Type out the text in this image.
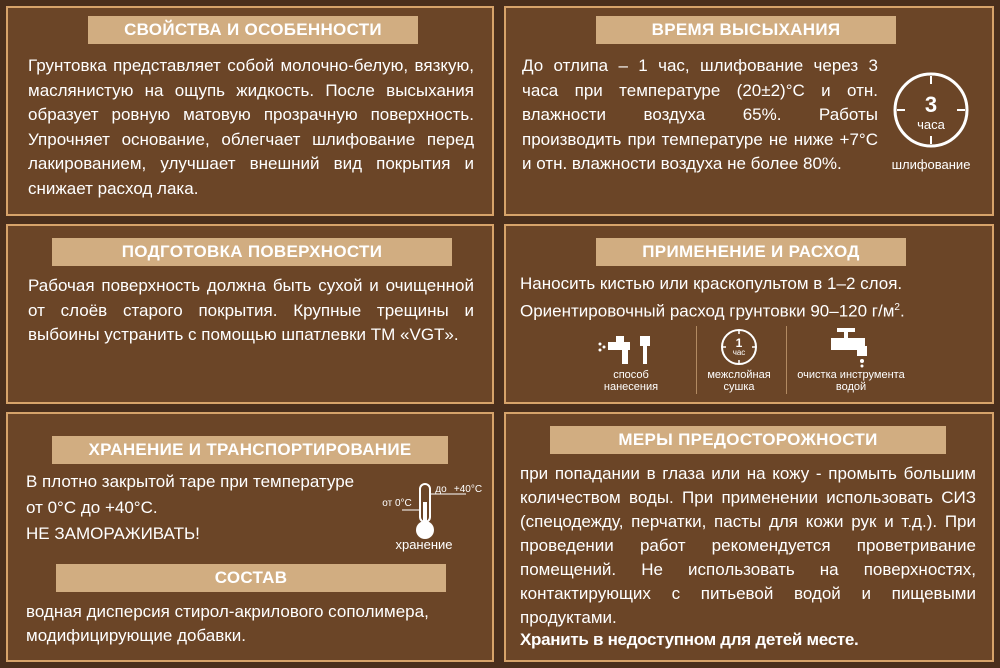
СВОЙСТВА И ОСОБЕННОСТИ
Грунтовка представляет собой молочно-белую, вязкую, маслянистую на ощупь жидкость. После высыхания образует ровную матовую прозрачную поверхность. Упрочняет основание, облегчает шлифование перед лакированием, улучшает внешний вид покрытия и снижает расход лака.
ВРЕМЯ ВЫСЫХАНИЯ
До отлипа – 1 час, шлифование через 3 часа при температуре (20±2)°С и отн. влажности воздуха 65%. Работы производить при температуре не ниже +7°С и отн. влажности воздуха не более 80%.
3
часа
шлифование
ПОДГОТОВКА ПОВЕРХНОСТИ
Рабочая поверхность должна быть сухой и очищенной от слоёв старого покрытия. Крупные трещины и выбоины устранить с помощью шпатлевки ТМ «VGT».
ПРИМЕНЕНИЕ И РАСХОД
Наносить кистью или краскопультом в 1–2 слоя.
Ориентировочный расход грунтовки 90–120 $г/м^2$.
способ
нанесения
1
час
межслойная
сушка
очистка инструмента
водой
ХРАНЕНИЕ И ТРАНСПОРТИРОВАНИЕ
В плотно закрытой таре при температуре
от 0°С до +40°С.
НЕ ЗАМОРАЖИВАТЬ!
от 0°С
до +40°С
хранение
СОСТАВ
водная дисперсия стирол-акрилового сополимера,
модифицирующие добавки.
МЕРЫ ПРЕДОСТОРОЖНОСТИ
при попадании в глаза или на кожу - промыть большим количеством воды. При применении использовать СИЗ (спецодежду, перчатки, пасты для кожи рук и т.д.). При проведении работ рекомендуется проветривание помещений. Не использовать на поверхностях, контактирующих с питьевой водой и пищевыми продуктами.
Хранить в недоступном для детей месте.
